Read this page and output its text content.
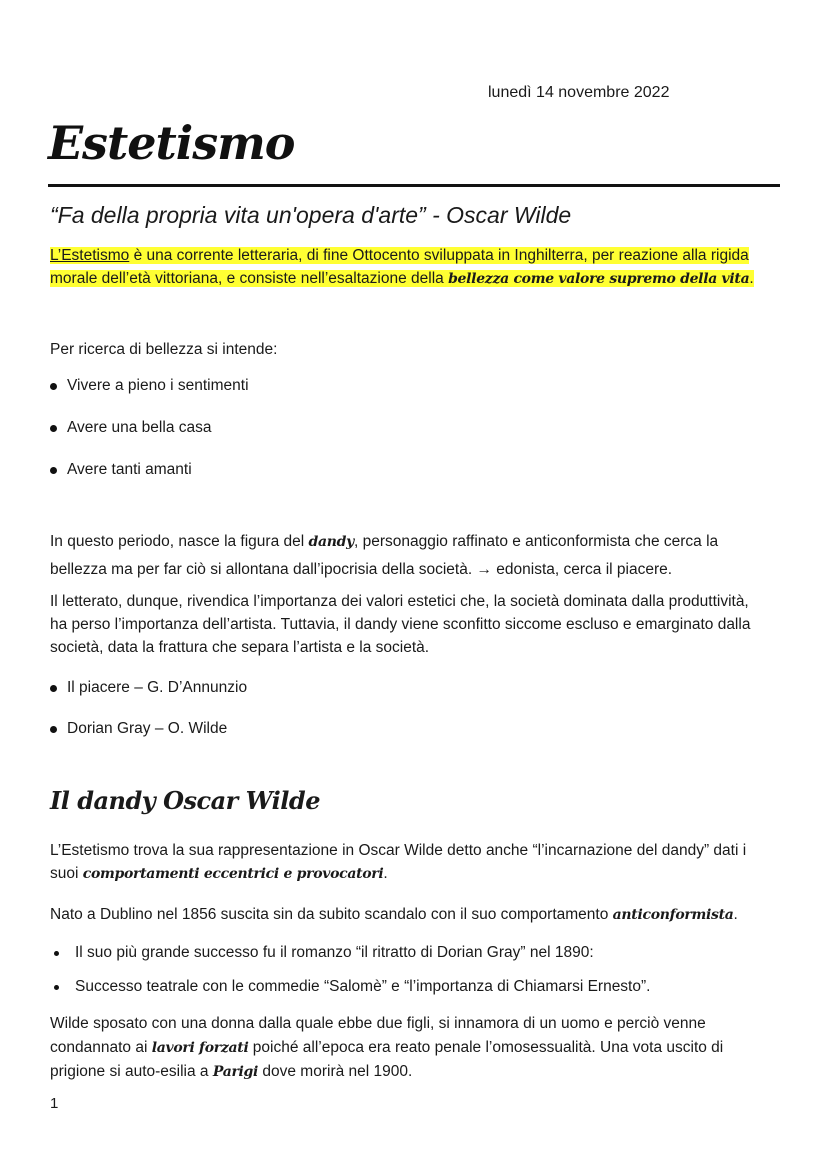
lunedì 14 novembre 2022
Estetismo
“Fa della propria vita un'opera d'arte” - Oscar Wilde
L’Estetismo è una corrente letteraria, di fine Ottocento sviluppata in Inghilterra, per reazione alla rigida morale dell’età vittoriana, e consiste nell’esaltazione della bellezza come valore supremo della vita.
Per ricerca di bellezza si intende:
Vivere a pieno i sentimenti
Avere una bella casa
Avere tanti amanti
In questo periodo, nasce la figura del dandy, personaggio raffinato e anticonformista che cerca la bellezza ma per far ciò si allontana dall’ipocrisia della società. → edonista, cerca il piacere.
Il letterato, dunque, rivendica l’importanza dei valori estetici che, la società dominata dalla produttività, ha perso l’importanza dell’artista. Tuttavia, il dandy viene sconfitto siccome escluso e emarginato dalla società, data la frattura che separa l’artista e la società.
Il piacere – G. D’Annunzio
Dorian Gray – O. Wilde
Il dandy Oscar Wilde
L’Estetismo trova la sua rappresentazione in Oscar Wilde detto anche “l’incarnazione del dandy” dati i suoi comportamenti eccentrici e provocatori.
Nato a Dublino nel 1856 suscita sin da subito scandalo con il suo comportamento anticonformista.
Il suo più grande successo fu il romanzo “il ritratto di Dorian Gray” nel 1890:
Successo teatrale con le commedie “Salomè” e “l’importanza di Chiamarsi Ernesto”.
Wilde sposato con una donna dalla quale ebbe due figli, si innamora di un uomo e perciò venne condannato ai lavori forzati poiché all’epoca era reato penale l’omosessualità. Una vota uscito di prigione si auto-esilia a Parigi dove morirà nel 1900.
1
